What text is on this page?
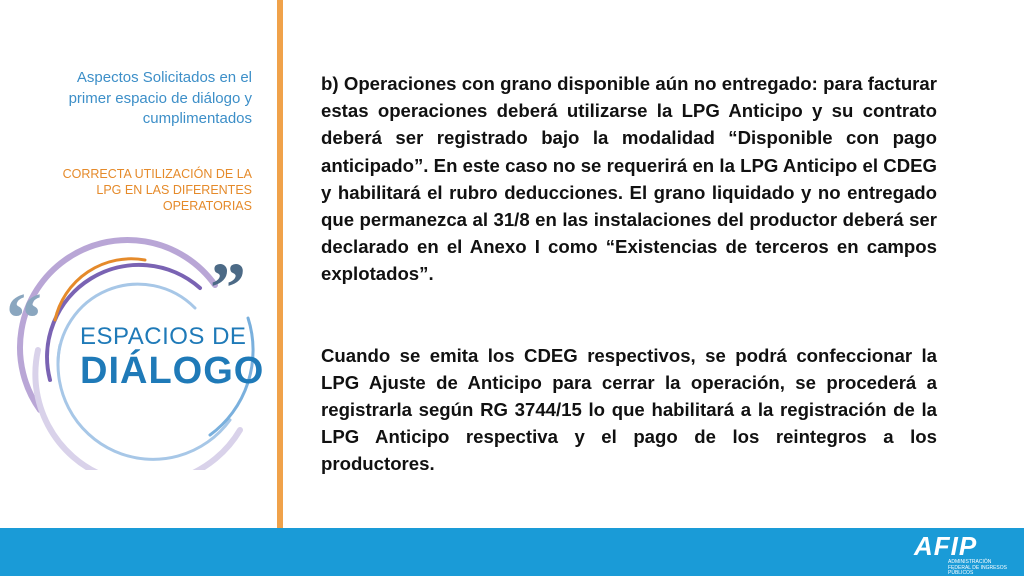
Aspectos Solicitados en el primer espacio de diálogo y cumplimentados
CORRECTA UTILIZACIÓN DE LA LPG EN LAS DIFERENTES OPERATORIAS
“ ”
ESPACIOS DE
DIÁLOGO

b) Operaciones con grano disponible aún no entregado: para facturar estas operaciones deberá utilizarse la LPG Anticipo y su contrato deberá ser registrado bajo la modalidad “Disponible con pago anticipado”. En este caso no se requerirá en la LPG Anticipo el CDEG y habilitará el rubro deducciones. El grano liquidado y no entregado que permanezca al 31/8 en las instalaciones del productor deberá ser declarado en el Anexo I como “Existencias de terceros en campos explotados”.

Cuando se emita los CDEG respectivos, se podrá confeccionar la LPG Ajuste de Anticipo para cerrar la operación, se procederá a registrarla según RG 3744/15 lo que habilitará a la registración de la LPG Anticipo respectiva y el pago de los reintegros a los productores.

AFIP
ADMINISTRACIÓN FEDERAL DE INGRESOS PÚBLICOS
